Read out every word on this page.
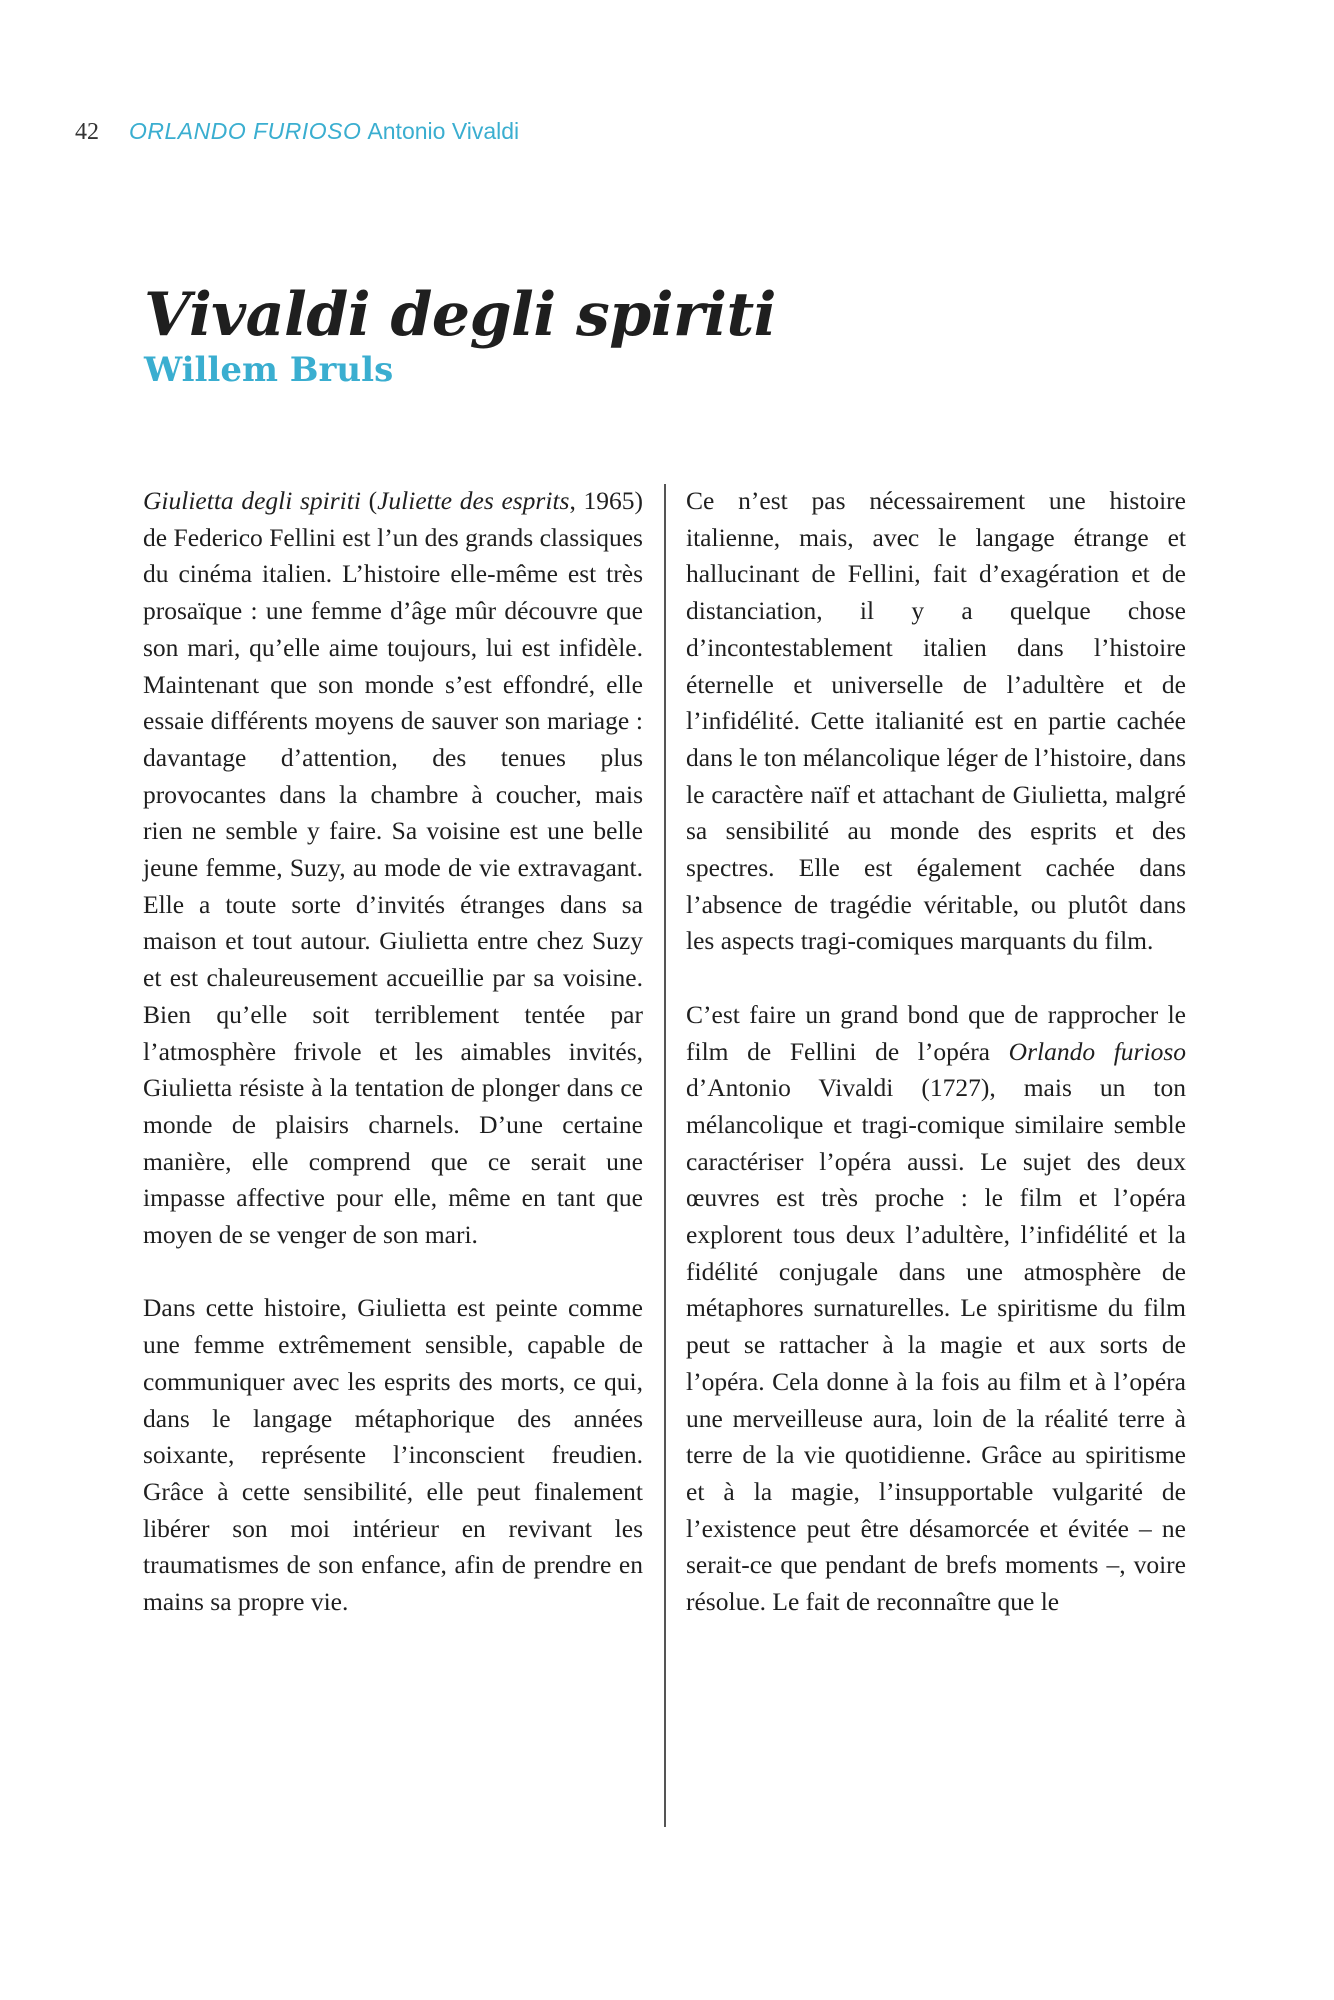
42 ORLANDO FURIOSO Antonio Vivaldi
Vivaldi degli spiriti
Willem Bruls

Giulietta degli spiriti (Juliette des esprits, 1965) de Federico Fellini est l’un des grands classiques du cinéma italien. L’histoire elle-même est très prosaïque : une femme d’âge mûr découvre que son mari, qu’elle aime toujours, lui est infidèle. Maintenant que son monde s’est effondré, elle essaie différents moyens de sauver son mariage : davantage d’attention, des tenues plus provocantes dans la chambre à coucher, mais rien ne semble y faire. Sa voisine est une belle jeune femme, Suzy, au mode de vie extravagant. Elle a toute sorte d’invités étranges dans sa maison et tout autour. Giulietta entre chez Suzy et est chaleureusement accueillie par sa voisine. Bien qu’elle soit terriblement tentée par l’atmosphère frivole et les aimables invités, Giulietta résiste à la tentation de plonger dans ce monde de plaisirs charnels. D’une certaine manière, elle comprend que ce serait une impasse affective pour elle, même en tant que moyen de se venger de son mari.

Dans cette histoire, Giulietta est peinte comme une femme extrêmement sensible, capable de communiquer avec les esprits des morts, ce qui, dans le langage métaphorique des années soixante, représente l’inconscient freudien. Grâce à cette sensibilité, elle peut finalement libérer son moi intérieur en revivant les traumatismes de son enfance, afin de prendre en mains sa propre vie.

Ce n’est pas nécessairement une histoire italienne, mais, avec le langage étrange et hallucinant de Fellini, fait d’exagération et de distanciation, il y a quelque chose d’incontestablement italien dans l’histoire éternelle et universelle de l’adultère et de l’infidélité. Cette italianité est en partie cachée dans le ton mélancolique léger de l’histoire, dans le caractère naïf et attachant de Giulietta, malgré sa sensibilité au monde des esprits et des spectres. Elle est également cachée dans l’absence de tragédie véritable, ou plutôt dans les aspects tragi-comiques marquants du film.

C’est faire un grand bond que de rapprocher le film de Fellini de l’opéra Orlando furioso d’Antonio Vivaldi (1727), mais un ton mélancolique et tragi-comique similaire semble caractériser l’opéra aussi. Le sujet des deux œuvres est très proche : le film et l’opéra explorent tous deux l’adultère, l’infidélité et la fidélité conjugale dans une atmosphère de métaphores surnaturelles. Le spiritisme du film peut se rattacher à la magie et aux sorts de l’opéra. Cela donne à la fois au film et à l’opéra une merveilleuse aura, loin de la réalité terre à terre de la vie quotidienne. Grâce au spiritisme et à la magie, l’insupportable vulgarité de l’existence peut être désamorcée et évitée – ne serait-ce que pendant de brefs moments –, voire résolue. Le fait de reconnaître que le
